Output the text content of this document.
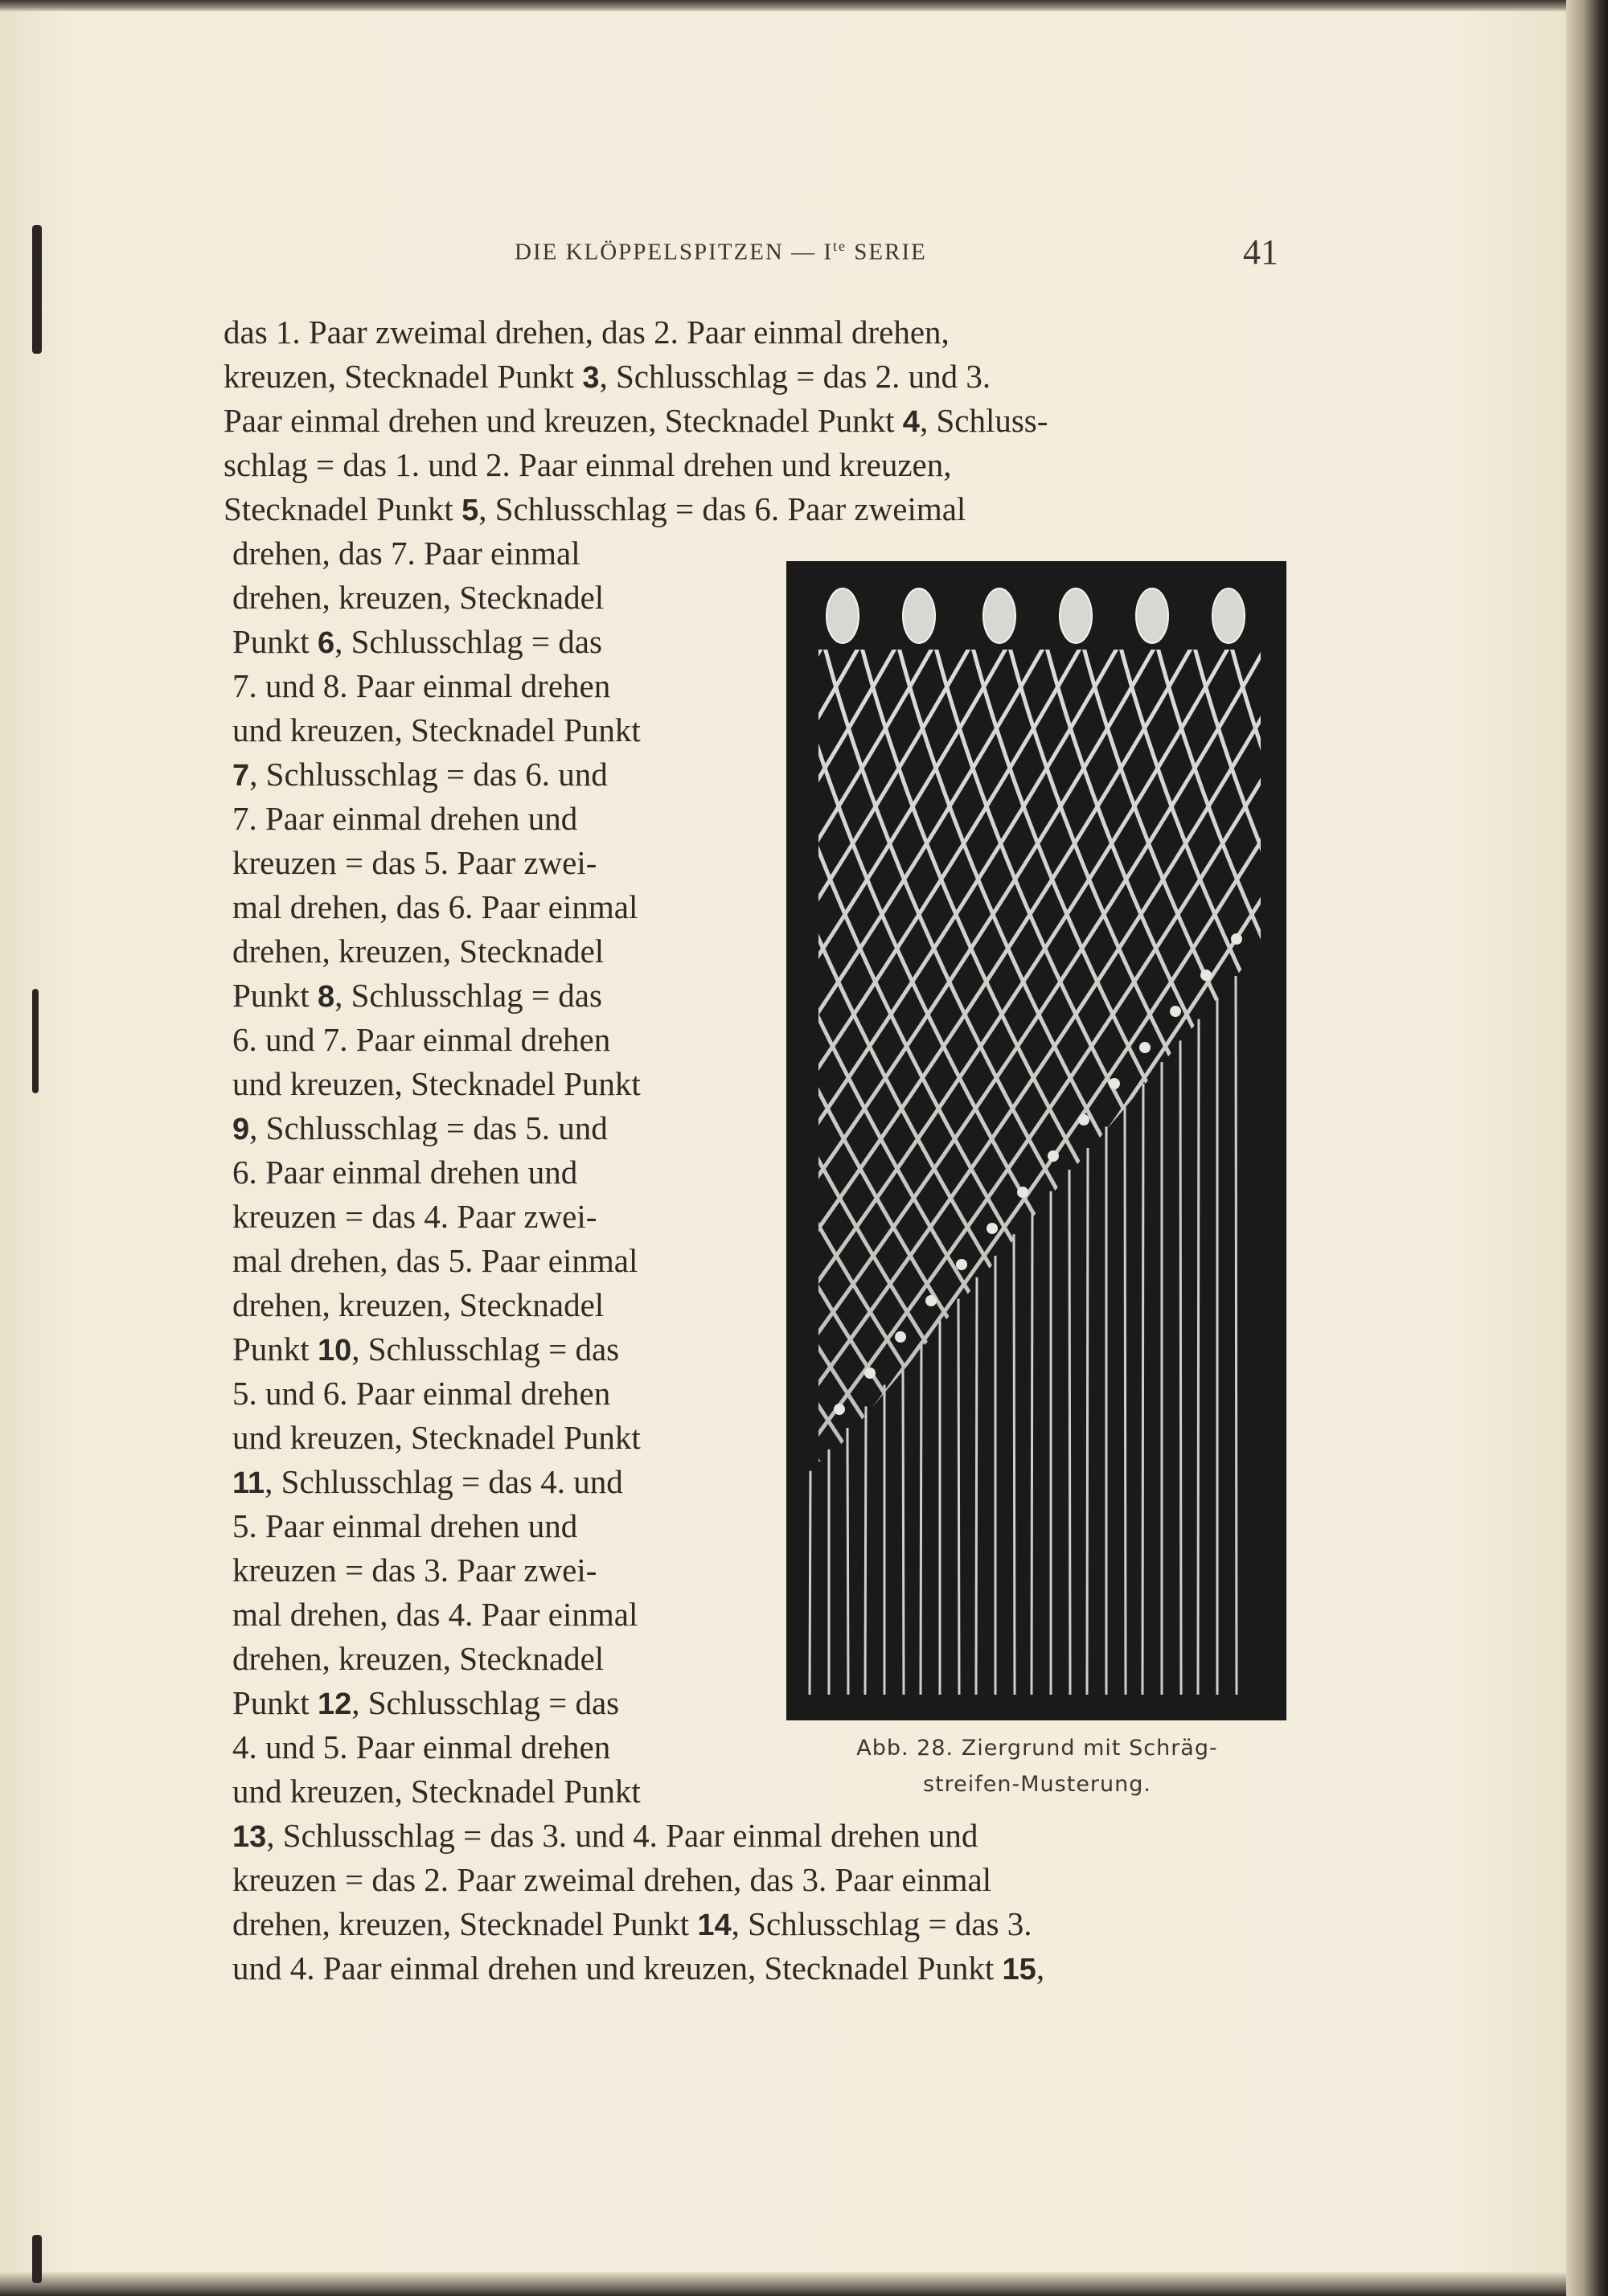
DIE KLÖPPELSPITZEN — $I^{te}$ SERIE	41
das 1. Paar zweimal drehen, das 2. Paar einmal drehen,
kreuzen, Stecknadel Punkt 3, Schlusschlag = das 2. und 3.
Paar einmal drehen und kreuzen, Stecknadel Punkt 4, Schluss-
schlag = das 1. und 2. Paar einmal drehen und kreuzen,
Stecknadel Punkt 5, Schlusschlag = das 6. Paar zweimal
drehen, das 7. Paar einmal
drehen, kreuzen, Stecknadel
Punkt 6, Schlusschlag = das
7. und 8. Paar einmal drehen
und kreuzen, Stecknadel Punkt
7, Schlusschlag = das 6. und
7. Paar einmal drehen und
kreuzen = das 5. Paar zwei-
mal drehen, das 6. Paar einmal
drehen, kreuzen, Stecknadel
Punkt 8, Schlusschlag = das
6. und 7. Paar einmal drehen
und kreuzen, Stecknadel Punkt
9, Schlusschlag = das 5. und
6. Paar einmal drehen und
kreuzen = das 4. Paar zwei-
mal drehen, das 5. Paar einmal
drehen, kreuzen, Stecknadel
Punkt 10, Schlusschlag = das
5. und 6. Paar einmal drehen
und kreuzen, Stecknadel Punkt
11, Schlusschlag = das 4. und
5. Paar einmal drehen und
kreuzen = das 3. Paar zwei-
mal drehen, das 4. Paar einmal
drehen, kreuzen, Stecknadel
Punkt 12, Schlusschlag = das
4. und 5. Paar einmal drehen
und kreuzen, Stecknadel Punkt
13, Schlusschlag = das 3. und 4. Paar einmal drehen und
kreuzen = das 2. Paar zweimal drehen, das 3. Paar einmal
drehen, kreuzen, Stecknadel Punkt 14, Schlusschlag = das 3.
und 4. Paar einmal drehen und kreuzen, Stecknadel Punkt 15,
Abb. 28. Ziergrund mit Schräg-
streifen-Musterung.
